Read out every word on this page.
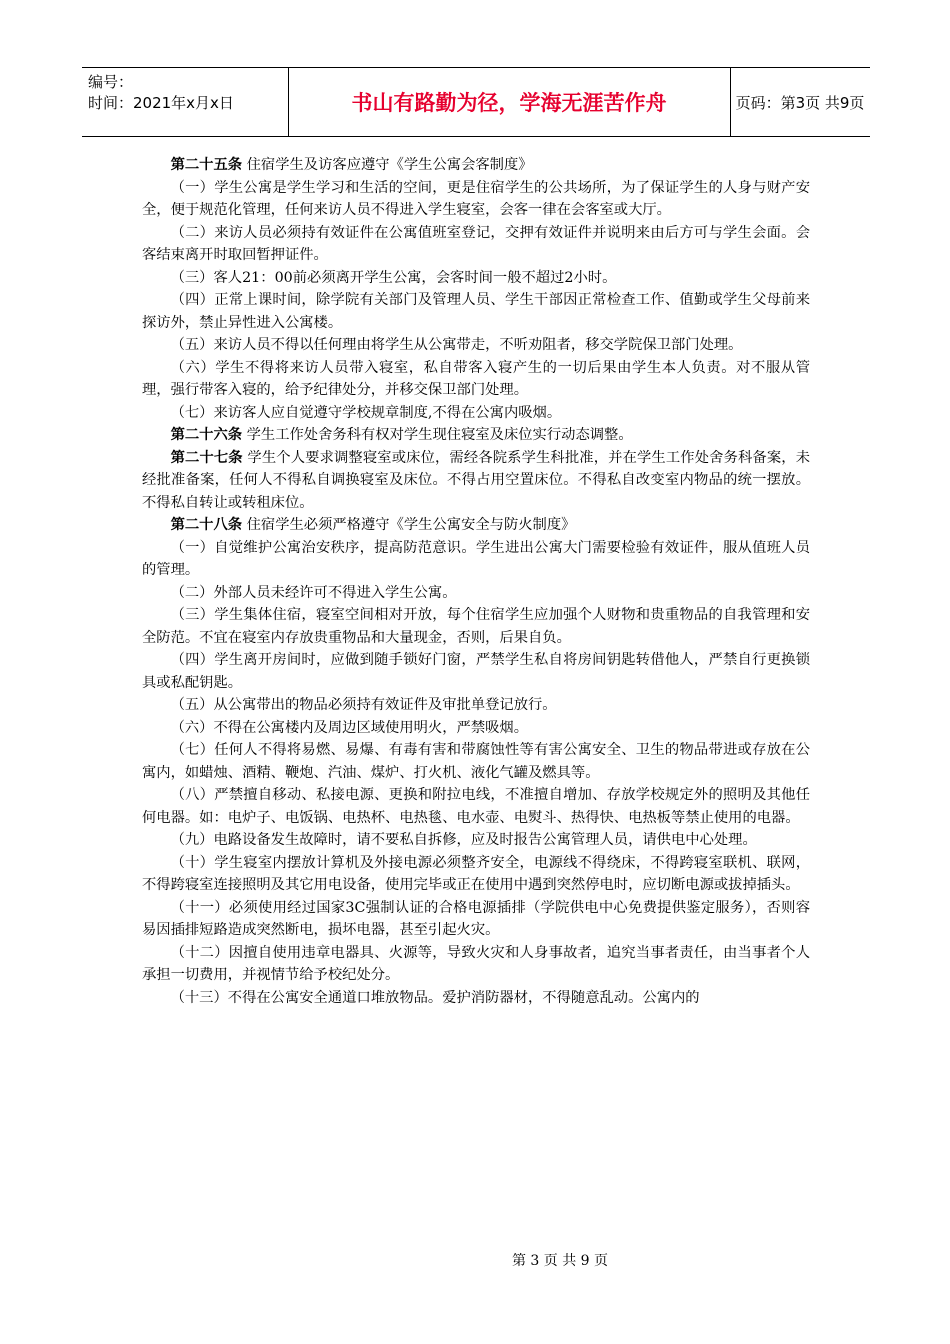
编号：
时间：2021年x月x日	书山有路勤为径，学海无涯苦作舟	页码：第3页 共9页

第二十五条 住宿学生及访客应遵守《学生公寓会客制度》

（一）学生公寓是学生学习和生活的空间，更是住宿学生的公共场所，为了保证学生的人身与财产安全，便于规范化管理，任何来访人员不得进入学生寝室，会客一律在会客室或大厅。

（二）来访人员必须持有效证件在公寓值班室登记，交押有效证件并说明来由后方可与学生会面。会客结束离开时取回暂押证件。

（三）客人21：00前必须离开学生公寓，会客时间一般不超过2小时。

（四）正常上课时间，除学院有关部门及管理人员、学生干部因正常检查工作、值勤或学生父母前来探访外，禁止异性进入公寓楼。

（五）来访人员不得以任何理由将学生从公寓带走，不听劝阻者，移交学院保卫部门处理。

（六）学生不得将来访人员带入寝室，私自带客入寝产生的一切后果由学生本人负责。对不服从管理，强行带客入寝的，给予纪律处分，并移交保卫部门处理。

（七）来访客人应自觉遵守学校规章制度,不得在公寓内吸烟。

第二十六条 学生工作处舍务科有权对学生现住寝室及床位实行动态调整。

第二十七条 学生个人要求调整寝室或床位，需经各院系学生科批准，并在学生工作处舍务科备案，未经批准备案，任何人不得私自调换寝室及床位。不得占用空置床位。不得私自改变室内物品的统一摆放。不得私自转让或转租床位。

第二十八条 住宿学生必须严格遵守《学生公寓安全与防火制度》

（一）自觉维护公寓治安秩序，提高防范意识。学生进出公寓大门需要检验有效证件，服从值班人员的管理。

（二）外部人员未经许可不得进入学生公寓。

（三）学生集体住宿，寝室空间相对开放，每个住宿学生应加强个人财物和贵重物品的自我管理和安全防范。不宜在寝室内存放贵重物品和大量现金，否则，后果自负。

（四）学生离开房间时，应做到随手锁好门窗，严禁学生私自将房间钥匙转借他人，严禁自行更换锁具或私配钥匙。

（五）从公寓带出的物品必须持有效证件及审批单登记放行。

（六）不得在公寓楼内及周边区域使用明火，严禁吸烟。

（七）任何人不得将易燃、易爆、有毒有害和带腐蚀性等有害公寓安全、卫生的物品带进或存放在公寓内，如蜡烛、酒精、鞭炮、汽油、煤炉、打火机、液化气罐及燃具等。

（八）严禁擅自移动、私接电源、更换和附拉电线，不准擅自增加、存放学校规定外的照明及其他任何电器。如：电炉子、电饭锅、电热杯、电热毯、电水壶、电熨斗、热得快、电热板等禁止使用的电器。

（九）电路设备发生故障时，请不要私自拆修，应及时报告公寓管理人员，请供电中心处理。

（十）学生寝室内摆放计算机及外接电源必须整齐安全，电源线不得绕床，不得跨寝室联机、联网，不得跨寝室连接照明及其它用电设备，使用完毕或正在使用中遇到突然停电时，应切断电源或拔掉插头。

（十一）必须使用经过国家3C强制认证的合格电源插排（学院供电中心免费提供鉴定服务），否则容易因插排短路造成突然断电，损坏电器，甚至引起火灾。

（十二）因擅自使用违章电器具、火源等，导致火灾和人身事故者，追究当事者责任，由当事者个人承担一切费用，并视情节给予校纪处分。

（十三）不得在公寓安全通道口堆放物品。爱护消防器材，不得随意乱动。公寓内的

第 3 页 共 9 页
